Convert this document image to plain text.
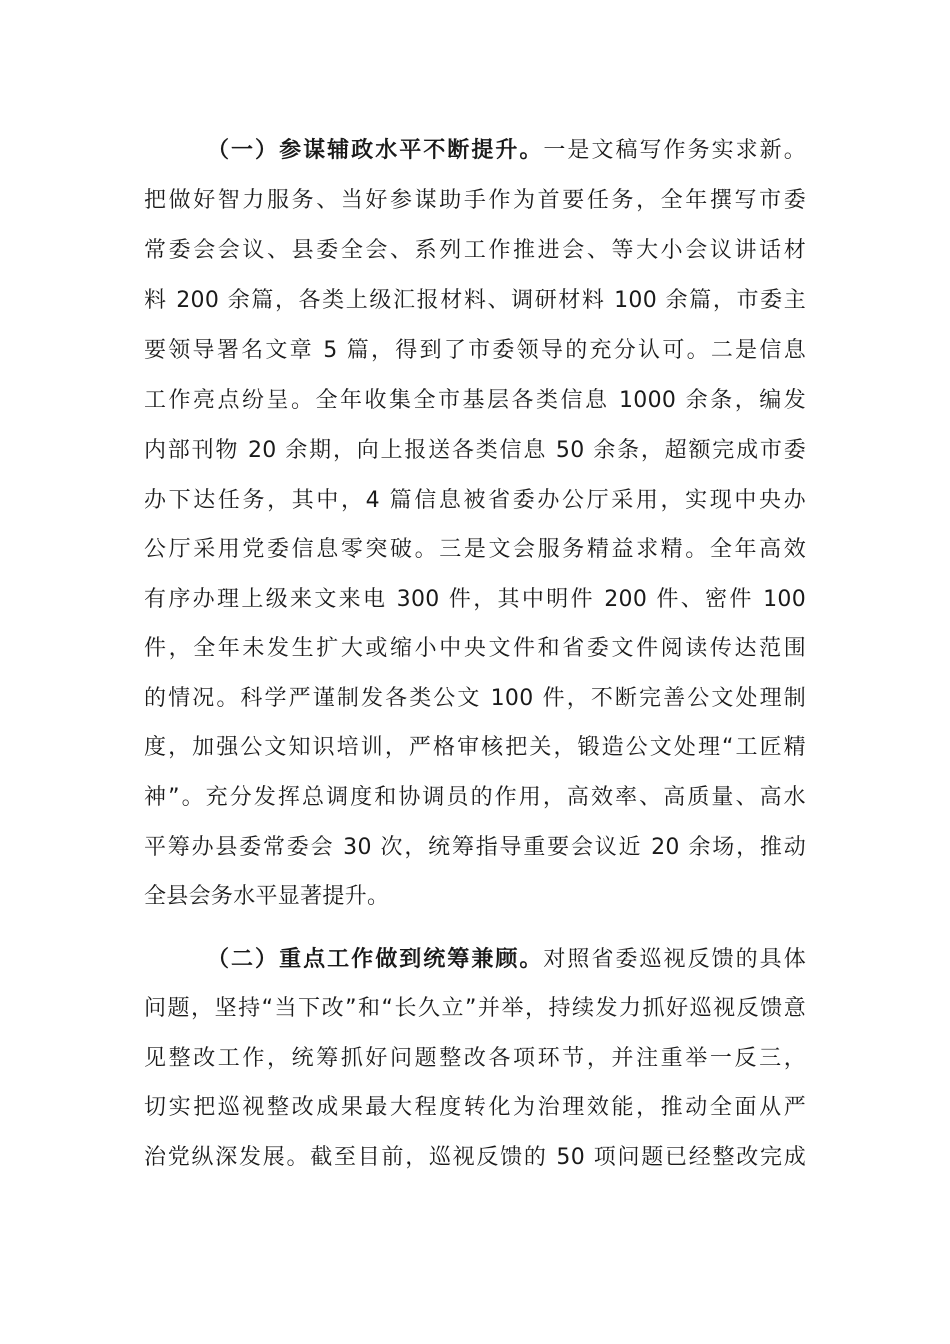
（一）参谋辅政水平不断提升。一是文稿写作务实求新。
把做好智力服务、当好参谋助手作为首要任务，全年撰写市委
常委会会议、县委全会、系列工作推进会、等大小会议讲话材
料 200 余篇，各类上级汇报材料、调研材料 100 余篇，市委主
要领导署名文章 5 篇，得到了市委领导的充分认可。二是信息
工作亮点纷呈。全年收集全市基层各类信息 1000 余条，编发
内部刊物 20 余期，向上报送各类信息 50 余条，超额完成市委
办下达任务，其中，4 篇信息被省委办公厅采用，实现中央办
公厅采用党委信息零突破。三是文会服务精益求精。全年高效
有序办理上级来文来电 300 件，其中明件 200 件、密件 100
件，全年未发生扩大或缩小中央文件和省委文件阅读传达范围
的情况。科学严谨制发各类公文 100 件，不断完善公文处理制
度，加强公文知识培训，严格审核把关，锻造公文处理“工匠精
神”。充分发挥总调度和协调员的作用，高效率、高质量、高水
平筹办县委常委会 30 次，统筹指导重要会议近 20 余场，推动
全县会务水平显著提升。
（二）重点工作做到统筹兼顾。对照省委巡视反馈的具体
问题，坚持“当下改”和“长久立”并举，持续发力抓好巡视反馈意
见整改工作，统筹抓好问题整改各项环节，并注重举一反三，
切实把巡视整改成果最大程度转化为治理效能，推动全面从严
治党纵深发展。截至目前，巡视反馈的 50 项问题已经整改完成
